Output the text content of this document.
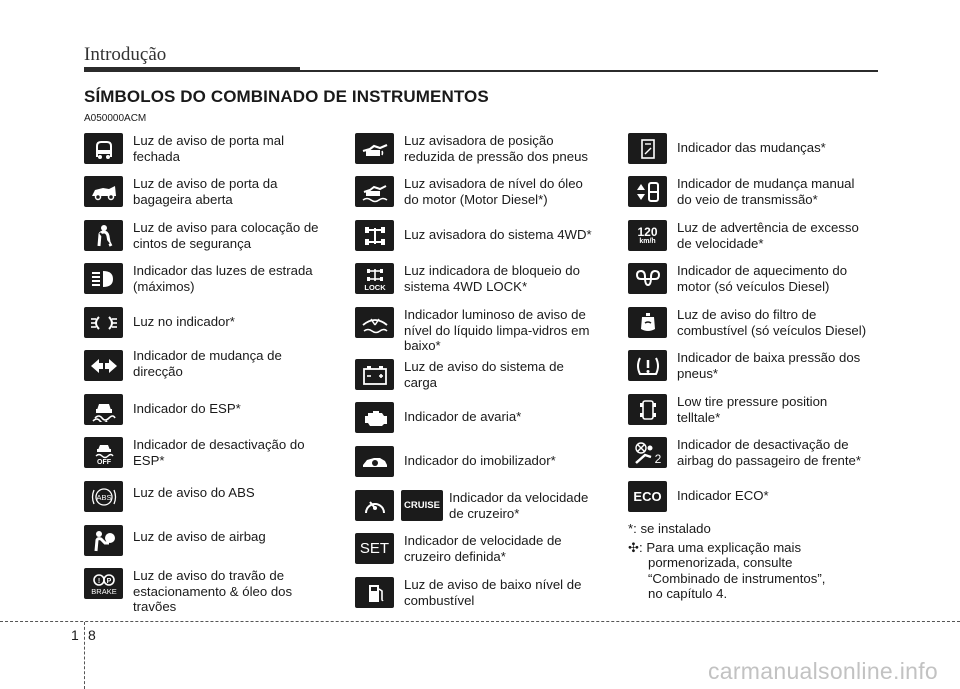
Introdução
SÍMBOLOS DO COMBINADO DE INSTRUMENTOS
A050000ACM
Luz de aviso de porta mal
fechada
Luz de aviso de porta da
bagageira aberta
Luz de aviso para colocação de
cintos de segurança
Indicador das luzes de estrada
(máximos)
Luz no indicador*
Indicador de mudança de
direcção
Indicador do ESP*
OFF
Indicador de desactivação do
ESP*
ABS Luz de aviso do ABS
Luz de aviso de airbag
! P
BRAKE
Luz de aviso do travão de
estacionamento & óleo dos
travões
Luz avisadora de posição
reduzida de pressão dos pneus
Luz avisadora de nível do óleo
do motor (Motor Diesel*)
Luz avisadora do sistema 4WD*
LOCK
Luz indicadora de bloqueio do
sistema 4WD LOCK*
Indicador luminoso de aviso de
nível do líquido limpa-vidros em
baixo*
Luz de aviso do sistema de
carga
Indicador de avaria*
Indicador do imobilizador*
CRUISE
Indicador da velocidade
de cruzeiro*
SET Indicador de velocidade de
cruzeiro definida*
Luz de aviso de baixo nível de
combustível
Indicador das mudanças*
Indicador de mudança manual
do veio de transmissão*
120
km/h
Luz de advertência de excesso
de velocidade*
Indicador de aquecimento do
motor (só veículos Diesel)
Luz de aviso do filtro de
combustível (só veículos Diesel)
Indicador de baixa pressão dos
pneus*
Low tire pressure position
telltale*
2
Indicador de desactivação de
airbag do passageiro de frente*
ECO Indicador ECO*
*: se instalado
✣: Para uma explicação mais
pormenorizada, consulte
“Combinado de instrumentos”,
no capítulo 4.
1 8
carmanualsonline.info
